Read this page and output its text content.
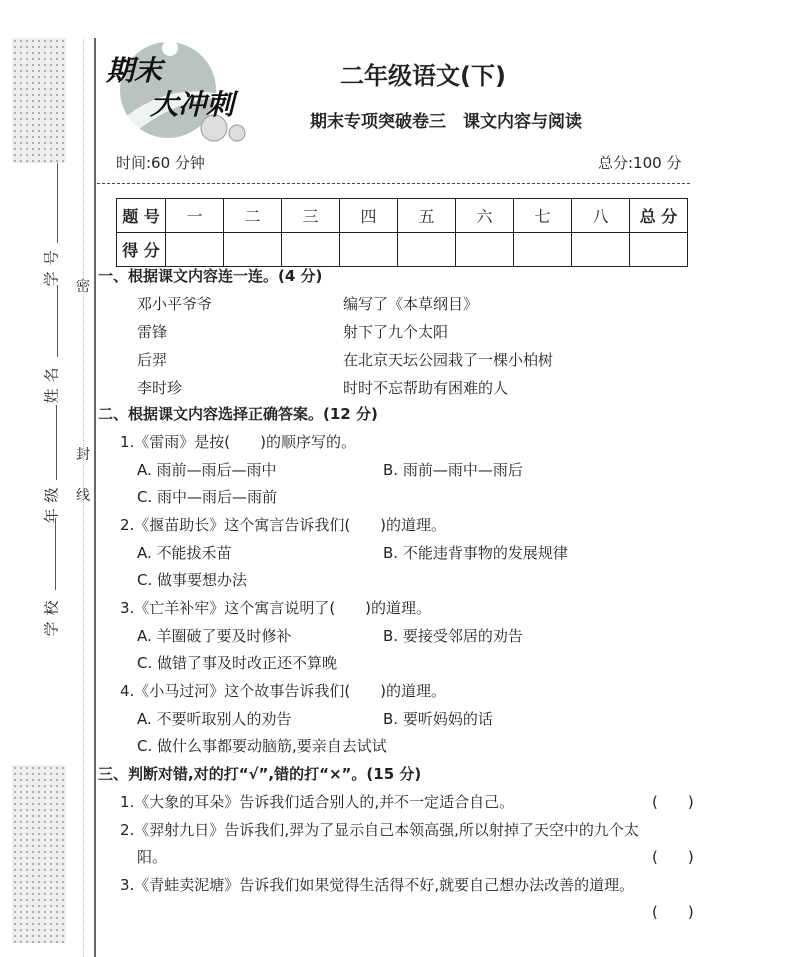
学号
姓名
年级
学校
密
封
线
期末
大冲刺
二年级语文(下)
期末专项突破卷三　课文内容与阅读
时间:60 分钟	总分:100 分
题 号	一	二	三	四	五	六	七	八	总 分
得 分									
一、根据课文内容连一连。(4 分)
邓小平爷爷
雷锋
后羿
李时珍
编写了《本草纲目》
射下了九个太阳
在北京天坛公园栽了一棵小柏树
时时不忘帮助有困难的人
二、根据课文内容选择正确答案。(12 分)
1.《雷雨》是按(　　)的顺序写的。
A. 雨前—雨后—雨中	B. 雨前—雨中—雨后
C. 雨中—雨后—雨前
2.《揠苗助长》这个寓言告诉我们(　　)的道理。
A. 不能拔禾苗	B. 不能违背事物的发展规律
C. 做事要想办法
3.《亡羊补牢》这个寓言说明了(　　)的道理。
A. 羊圈破了要及时修补	B. 要接受邻居的劝告
C. 做错了事及时改正还不算晚
4.《小马过河》这个故事告诉我们(　　)的道理。
A. 不要听取别人的劝告	B. 要听妈妈的话
C. 做什么事都要动脑筋,要亲自去试试
三、判断对错,对的打“√”,错的打“×”。(15 分)
1.《大象的耳朵》告诉我们适合别人的,并不一定适合自己。	(　　)
2.《羿射九日》告诉我们,羿为了显示自己本领高强,所以射掉了天空中的九个太
阳。	(　　)
3.《青蛙卖泥塘》告诉我们如果觉得生活得不好,就要自己想办法改善的道理。
(　　)
